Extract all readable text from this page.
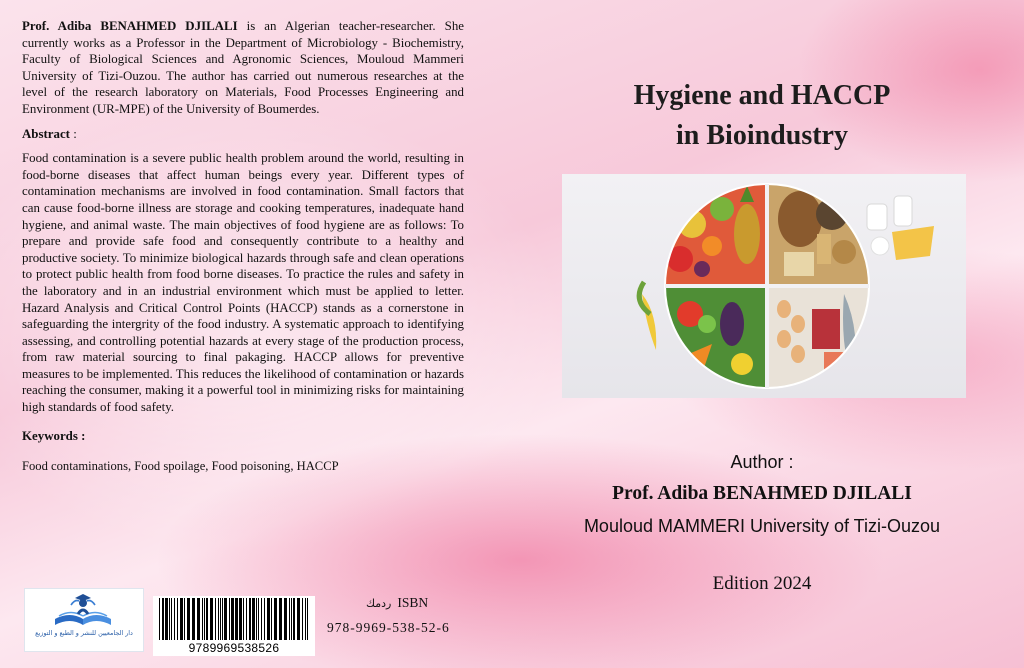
Prof. Adiba BENAHMED DJILALI is an Algerian teacher-researcher. She currently works as a Professor in the Department of Microbiology - Biochemistry, Faculty of Biological Sciences and Agronomic Sciences, Mouloud Mammeri University of Tizi-Ouzou. The author has carried out numerous researches at the level of the research laboratory on Materials, Food Processes Engineering and Environment (UR-MPE) of the University of Boumerdes.

Abstract :

Food contamination is a severe public health problem around the world, resulting in food-borne diseases that affect human beings every year. Different types of contamination mechanisms are involved in food contamination. Small factors that can cause food-borne illness are storage and cooking temperatures, inadequate hand hygiene, and animal waste. The main objectives of food hygiene are as follows: To prepare and provide safe food and consequently contribute to a healthy and productive society. To minimize biological hazards through safe and clean operations to protect public health from food borne diseases. To practice the rules and safety in the laboratory and in an industrial environment which must be applied to letter. Hazard Analysis and Critical Control Points (HACCP) stands as a cornerstone in safeguarding the intergrity of the food industry. A systematic approach to identifying assessing, and controlling potential hazards at every stage of the production process, from raw material sourcing to final pakaging. HACCP allows for preventive measures to be implemented. This reduces the likelihood of contamination or hazards reaching the consumer, making it a powerful tool in minimizing risks for maintaining high standards of food safety.

Keywords :

Food contaminations, Food spoilage, Food poisoning, HACCP

دار الجامعيين للنشر و الطبع و التوزيع
9789969538526
ردمك ISBN
978-9969-538-52-6
Hygiene and HACCP
in Bioindustry
Author :
Prof. Adiba BENAHMED DJILALI
Mouloud MAMMERI University of Tizi-Ouzou
Edition 2024
